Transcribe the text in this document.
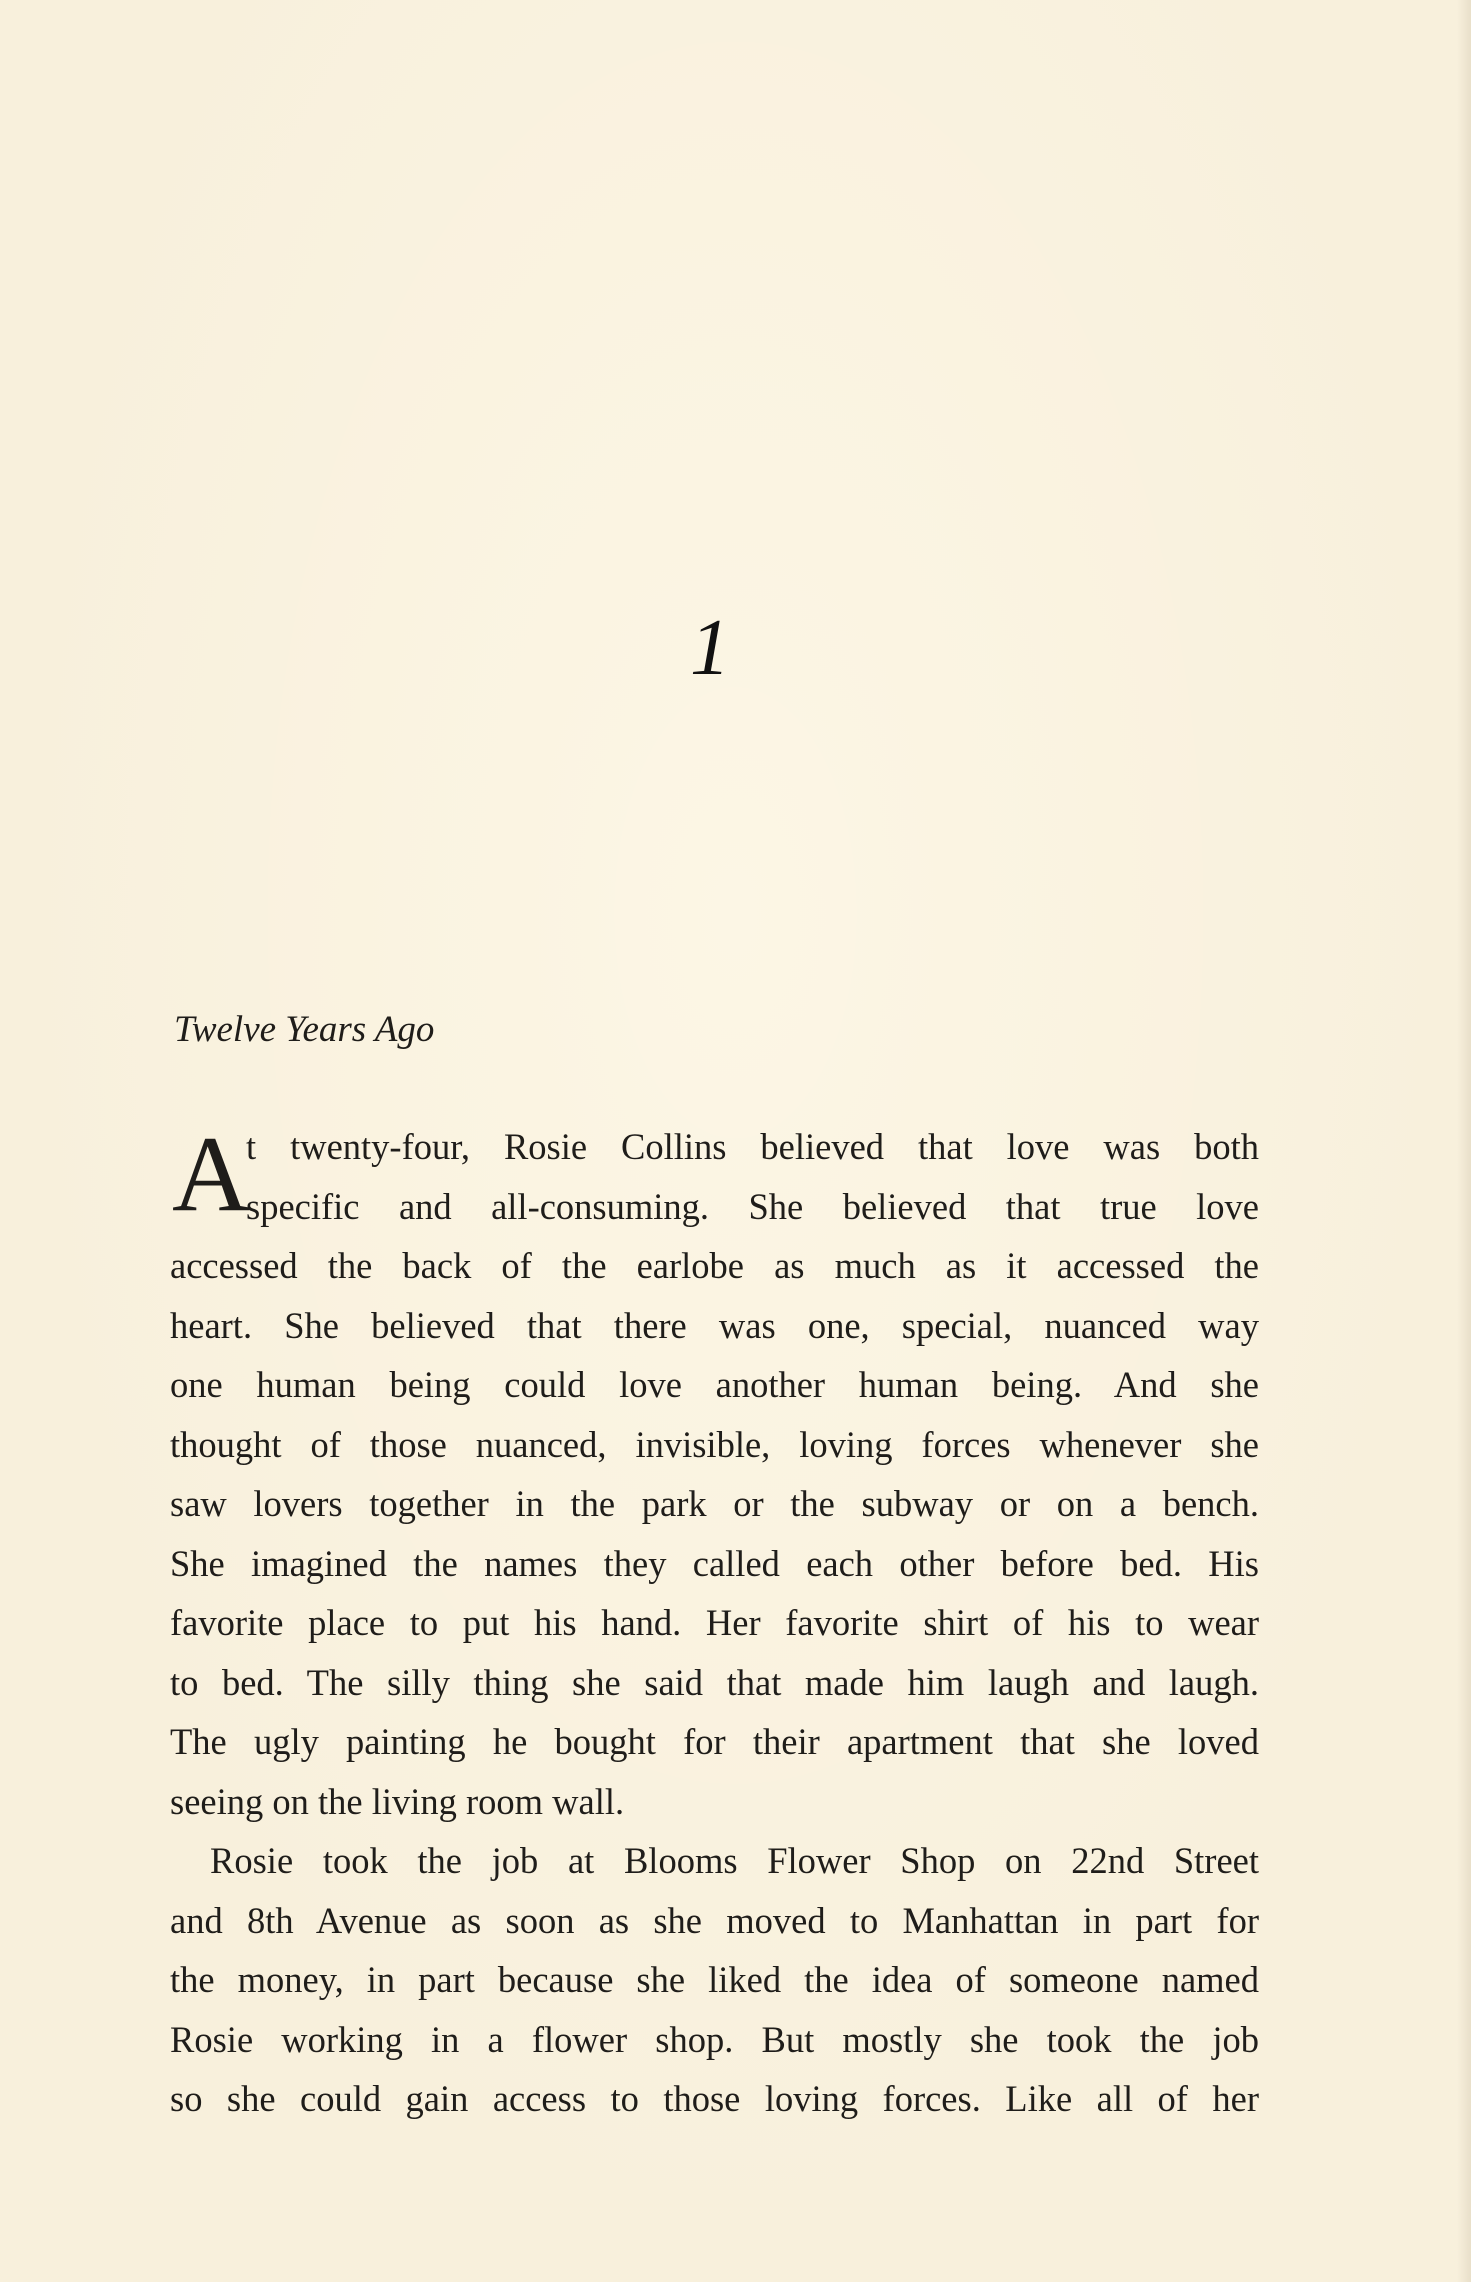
1
Twelve Years Ago
A
t twenty-four, Rosie Collins believed that love was both
specific and all-consuming. She believed that true love
accessed the back of the earlobe as much as it accessed the
heart. She believed that there was one, special, nuanced way
one human being could love another human being. And she
thought of those nuanced, invisible, loving forces whenever she
saw lovers together in the park or the subway or on a bench.
She imagined the names they called each other before bed. His
favorite place to put his hand. Her favorite shirt of his to wear
to bed. The silly thing she said that made him laugh and laugh.
The ugly painting he bought for their apartment that she loved
seeing on the living room wall.
Rosie took the job at Blooms Flower Shop on 22nd Street
and 8th Avenue as soon as she moved to Manhattan in part for
the money, in part because she liked the idea of someone named
Rosie working in a flower shop. But mostly she took the job
so she could gain access to those loving forces. Like all of her
